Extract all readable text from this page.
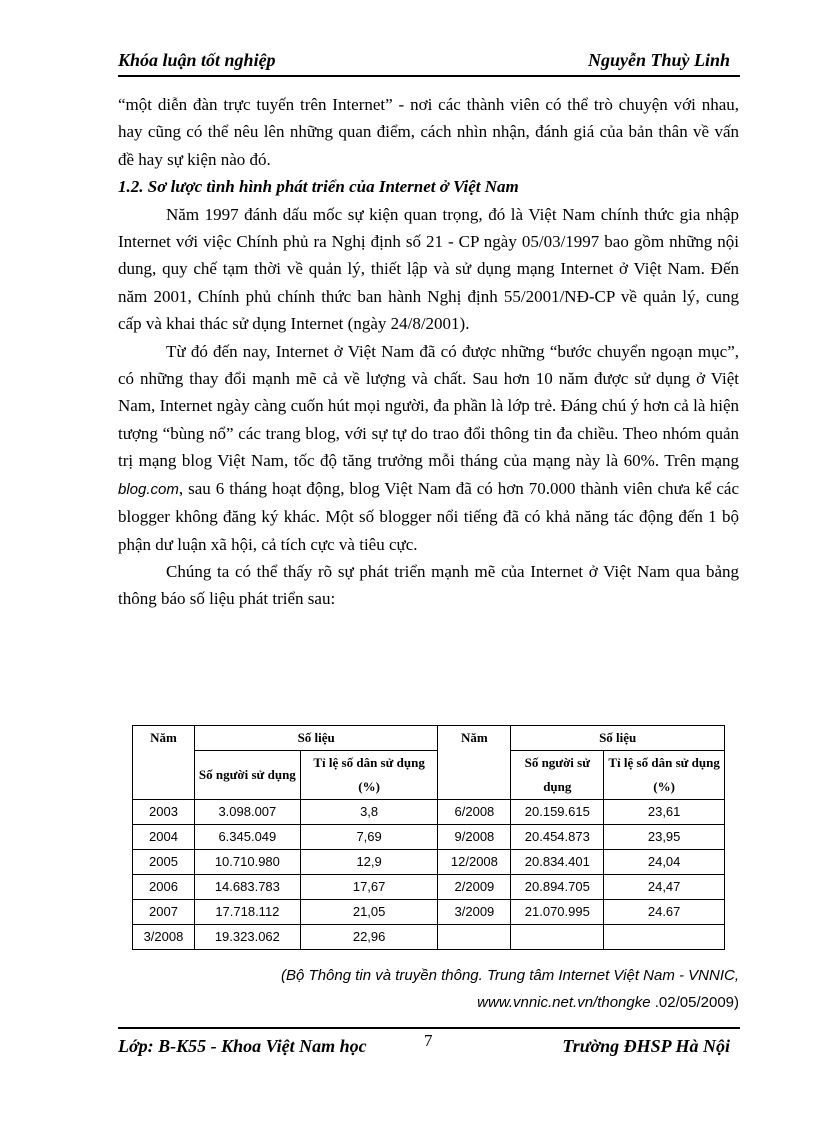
Khóa luận tốt nghiệp	Nguyễn Thuỳ Linh

“một diễn đàn trực tuyến trên Internet” - nơi các thành viên có thể trò chuyện với nhau, hay cũng có thể nêu lên những quan điểm, cách nhìn nhận, đánh giá của bản thân về vấn đề hay sự kiện nào đó.

1.2. Sơ lược tình hình phát triển của Internet ở Việt Nam

Năm 1997 đánh dấu mốc sự kiện quan trọng, đó là Việt Nam chính thức gia nhập Internet với việc Chính phủ ra Nghị định số 21 - CP ngày 05/03/1997 bao gồm những nội dung, quy chế tạm thời về quản lý, thiết lập và sử dụng mạng Internet ở Việt Nam. Đến năm 2001, Chính phủ chính thức ban hành Nghị định 55/2001/NĐ-CP về quản lý, cung cấp và khai thác sử dụng Internet (ngày 24/8/2001).

Từ đó đến nay, Internet ở Việt Nam đã có được những “bước chuyển ngoạn mục”, có những thay đổi mạnh mẽ cả về lượng và chất. Sau hơn 10 năm được sử dụng ở Việt Nam, Internet ngày càng cuốn hút mọi người, đa phần là lớp trẻ. Đáng chú ý hơn cả là hiện tượng “bùng nổ” các trang blog, với sự tự do trao đổi thông tin đa chiều. Theo nhóm quản trị mạng blog Việt Nam, tốc độ tăng trưởng mỗi tháng của mạng này là 60%. Trên mạng blog.com, sau 6 tháng hoạt động, blog Việt Nam đã có hơn 70.000 thành viên chưa kể các blogger không đăng ký khác. Một số blogger nổi tiếng đã có khả năng tác động đến 1 bộ phận dư luận xã hội, cả tích cực và tiêu cực.

Chúng ta có thể thấy rõ sự phát triển mạnh mẽ của Internet ở Việt Nam qua bảng thông báo số liệu phát triển sau:

Năm	Số liệu		Năm	Số liệu	
	Số người sử dụng	Tỉ lệ số dân sử dụng (%)		Số người sử dụng	Tỉ lệ số dân sử dụng (%)
2003	3.098.007	3,8	6/2008	20.159.615	23,61
2004	6.345.049	7,69	9/2008	20.454.873	23,95
2005	10.710.980	12,9	12/2008	20.834.401	24,04
2006	14.683.783	17,67	2/2009	20.894.705	24,47
2007	17.718.112	21,05	3/2009	21.070.995	24.67
3/2008	19.323.062	22,96			
(Bộ Thông tin và truyền thông. Trung tâm Internet Việt Nam - VNNIC,
www.vnnic.net.vn/thongke .02/05/2009)
Lớp: B-K55 - Khoa Việt Nam học	Trường ĐHSP Hà Nội
7
